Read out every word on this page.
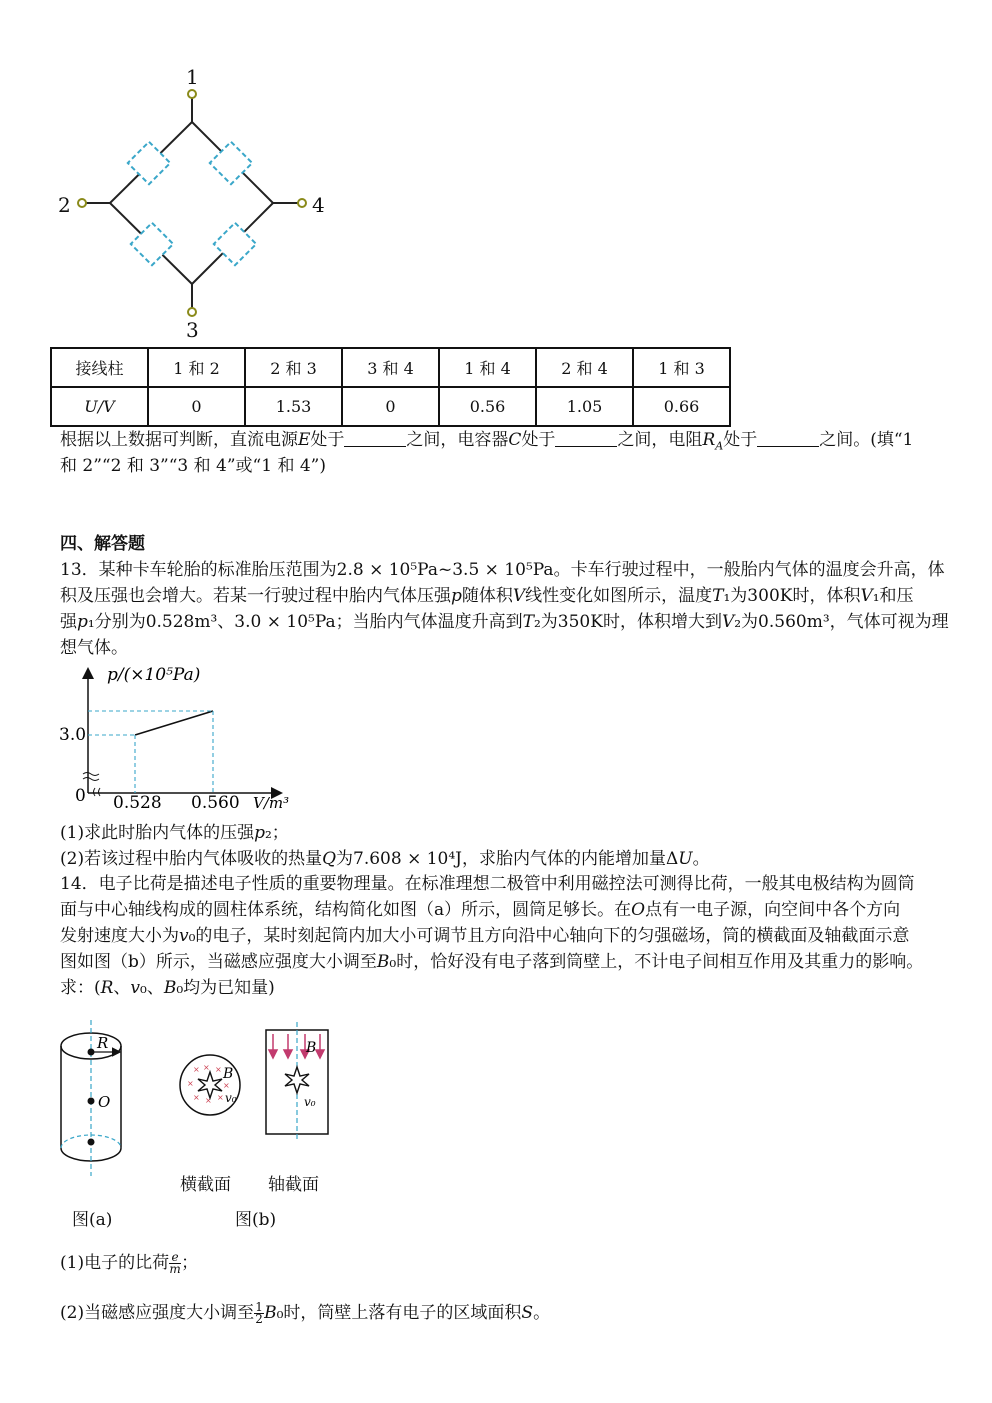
1
2	4
3
接线柱	1 和 2	2 和 3	3 和 4	1 和 4	2 和 4	1 和 3
U/V	0	1.53	0	0.56	1.05	0.66
根据以上数据可判断，直流电源E处于	之间，电容器C处于	之间，电阻$R_A$处于	之间。(填“1
和 2”“2 和 3”“3 和 4”或“1 和 4”)
四、解答题
13．某种卡车轮胎的标准胎压范围为2.8 × 10⁵Pa~3.5 × 10⁵Pa。卡车行驶过程中，一般胎内气体的温度会升高，体
积及压强也会增大。若某一行驶过程中胎内气体压强𝑝随体积𝑉线性变化如图所示，温度𝑇₁为300K时，体积𝑉₁和压
强𝑝₁分别为0.528m³、3.0 × 10⁵Pa；当胎内气体温度升高到𝑇₂为350K时，体积增大到𝑉₂为0.560m³，气体可视为理
想气体。
p/(×10⁵Pa)
V/m³
0
3.0
0.528 0.560
(1)求此时胎内气体的压强𝑝₂；
(2)若该过程中胎内气体吸收的热量𝑄为7.608 × 10⁴J，求胎内气体的内能增加量Δ𝑈。
14．电子比荷是描述电子性质的重要物理量。在标准理想二极管中利用磁控法可测得比荷，一般其电极结构为圆筒
面与中心轴线构成的圆柱体系统，结构简化如图（a）所示，圆筒足够长。在𝑂点有一电子源，向空间中各个方向
发射速度大小为𝑣₀的电子，某时刻起筒内加大小可调节且方向沿中心轴向下的匀强磁场，筒的横截面及轴截面示意
图如图（b）所示，当磁感应强度大小调至𝐵₀时，恰好没有电子落到筒壁上，不计电子间相互作用及其重力的影响。
求：(𝑅、𝑣₀、𝐵₀均为已知量)
R
O
× × ×
×	×
× × ×
B
v₀
B
v₀
横截面 轴截面
图(a)	图(b)
(1)电子的比荷 $\frac{e}{m}$ ；
(2)当磁感应强度大小调至 $\frac{1}{2}$ 𝐵₀时，筒壁上落有电子的区域面积S。
